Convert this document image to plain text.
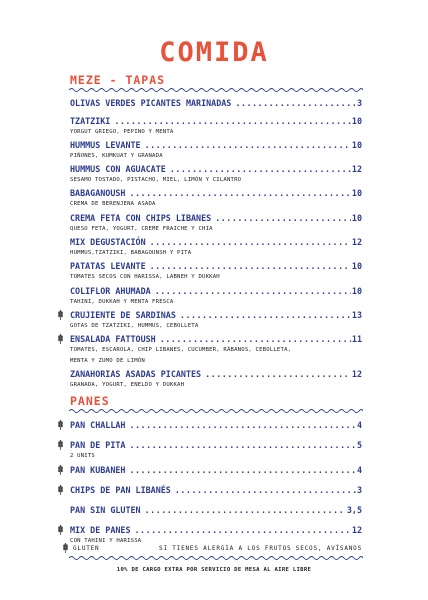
COMIDA
MEZE - TAPAS
OLIVAS VERDES PICANTES MARINADAS .....	3
TZATZIKI .....	10
YORGUT GRIEGO, PEPINO Y MENTA
HUMMUS LEVANTE .....	10
PIÑONES, KUMKUAT Y GRANADA
HUMMUS CON AGUACATE .....	12
SESAMO TOSTADO, PISTACHO, MIEL, LIMÓN Y CILANTRO
BABAGANOUSH .....	10
CREMA DE BERENJENA ASADA
CREMA FETA CON CHIPS LIBANES .....	10
QUESO FETA, YOGURT, CREME FRAICHE Y CHIA
MIX DEGUSTACIÓN .....	12
HUMMUS,TZATZIKI, BABAGOUNSH Y PITA
PATATAS LEVANTE .....	10
TOMATES SECOS CON HARISSA, LABNEH Y DUKKAH
COLIFLOR AHUMADA .....	10
TAHINI, DUKKAH Y MENTA FRESCA
CRUJIENTE DE SARDINAS .....	13
GOTAS DE TZATZIKI, HUMMUS, CEBOLLETA
ENSALADA FATTOUSH .....	11
TOMATES, ESCAROLA, CHIP LIBANES, CUCUMBER, RÁBANOS, CEBOLLETA,
MENTA Y ZUMO DE LIMÓN
ZANAHORIAS ASADAS PICANTES .....	12
GRANADA, YOGURT, ENELDO Y DUKKAH
PANES
PAN CHALLAH .....	4
PAN DE PITA .....	5
2 UNITS
PAN KUBANEH .....	4
CHIPS DE PAN LIBANÉS .....	3
PAN SIN GLUTEN .....	3,5
MIX DE PANES .....	12
CON TAHINI Y HARISSA
GLUTEN	SI TIENES ALERGIA A LOS FRUTOS SECOS, AVÍSANOS
10% DE CARGO EXTRA POR SERVICIO DE MESA AL AIRE LIBRE
